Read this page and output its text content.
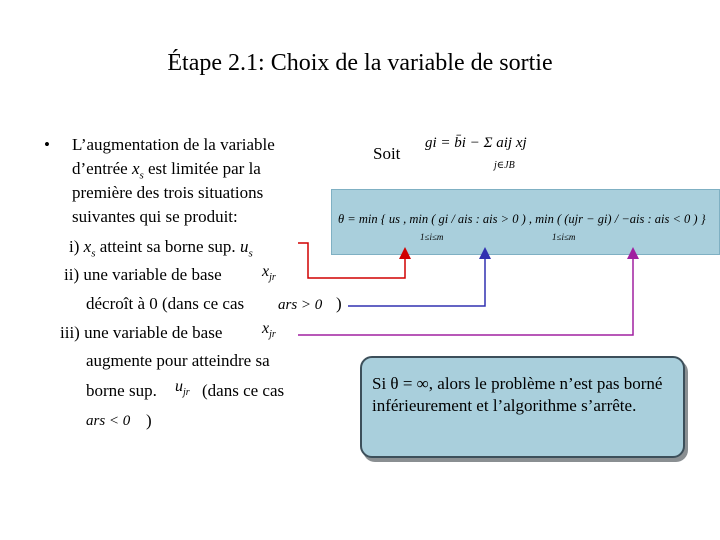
Étape 2.1: Choix de la variable de sortie
• L’augmentation de la variable
d’entrée $x_s$ est limitée par la
première des trois situations
suivantes qui se produit:
i) $x_s$ atteint sa borne sup. $u_s$
ii) une variable de base	$x_{jr}$
décroît à 0 (dans ce cas ars > 0 )
iii) une variable de base $x_{jr}$
augmente pour atteindre sa
borne sup. $u_{jr}$ (dans ce cas
ars < 0 )
Soit
gi = b̄i − Σ aij xj
j∈JB
θ = min { us , min ( gi / ais : ais > 0 ) , min ( (ujr − gi) / −ais : ais < 0 ) }
1≤i≤m	1≤i≤m
Si θ = ∞, alors le problème n’est pas borné inférieurement et l’algorithme s’arrête.
